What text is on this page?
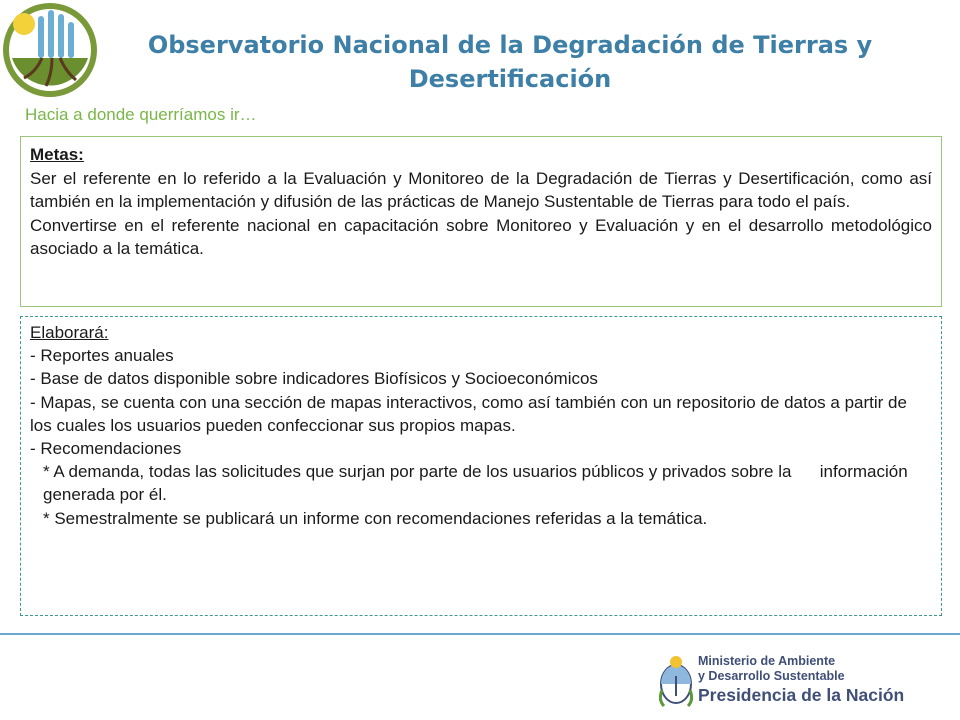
Observatorio Nacional de la Degradación de Tierras y Desertificación
Hacia a donde querríamos ir…

Metas:

Ser el referente en lo referido a la Evaluación y Monitoreo de la Degradación de Tierras y Desertificación, como así también en la implementación y difusión de las prácticas de Manejo Sustentable de Tierras para todo el país.

Convertirse en el referente nacional en capacitación sobre Monitoreo y Evaluación y en el desarrollo metodológico asociado a la temática.

Elaborará:

- Reportes anuales

- Base de datos disponible sobre indicadores Biofísicos y Socioeconómicos

- Mapas, se cuenta con una sección de mapas interactivos, como así también con un repositorio de datos a partir de los cuales los usuarios pueden confeccionar sus propios mapas.

- Recomendaciones

* A demanda, todas las solicitudes que surjan por parte de los usuarios públicos y privados sobre la      información generada por él.

* Semestralmente se publicará un informe con recomendaciones referidas a la temática.

Ministerio de Ambiente
y Desarrollo Sustentable
Presidencia de la Nación
